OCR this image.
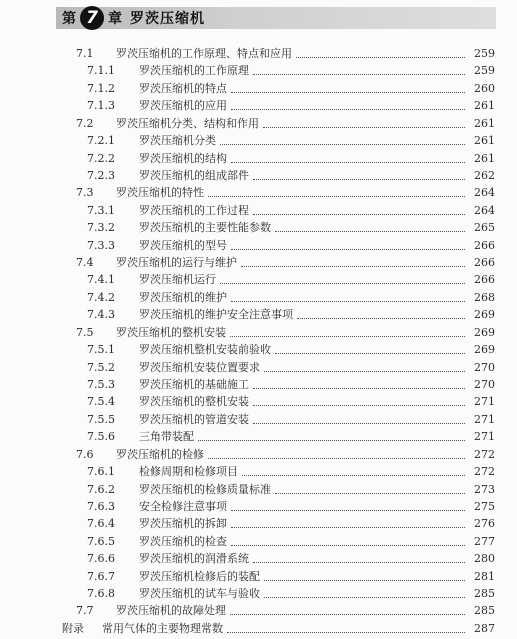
第 7 章 罗茨压缩机
7.1	罗茨压缩机的工作原理、特点和应用	259
7.1.1	罗茨压缩机的工作原理	259
7.1.2	罗茨压缩机的特点	260
7.1.3	罗茨压缩机的应用	261
7.2	罗茨压缩机分类、结构和作用	261
7.2.1	罗茨压缩机分类	261
7.2.2	罗茨压缩机的结构	261
7.2.3	罗茨压缩机的组成部件	262
7.3	罗茨压缩机的特性	264
7.3.1	罗茨压缩机的工作过程	264
7.3.2	罗茨压缩机的主要性能参数	265
7.3.3	罗茨压缩机的型号	266
7.4	罗茨压缩机的运行与维护	266
7.4.1	罗茨压缩机运行	266
7.4.2	罗茨压缩机的维护	268
7.4.3	罗茨压缩机的维护安全注意事项	269
7.5	罗茨压缩机的整机安装	269
7.5.1	罗茨压缩机整机安装前验收	269
7.5.2	罗茨压缩机安装位置要求	270
7.5.3	罗茨压缩机的基础施工	270
7.5.4	罗茨压缩机的整机安装	271
7.5.5	罗茨压缩机的管道安装	271
7.5.6	三角带装配	271
7.6	罗茨压缩机的检修	272
7.6.1	检修周期和检修项目	272
7.6.2	罗茨压缩机的检修质量标准	273
7.6.3	安全检修注意事项	275
7.6.4	罗茨压缩机的拆卸	276
7.6.5	罗茨压缩机的检查	277
7.6.6	罗茨压缩机的润滑系统	280
7.6.7	罗茨压缩机检修后的装配	281
7.6.8	罗茨压缩机的试车与验收	285
7.7	罗茨压缩机的故障处理	285
附录	常用气体的主要物理常数	287
